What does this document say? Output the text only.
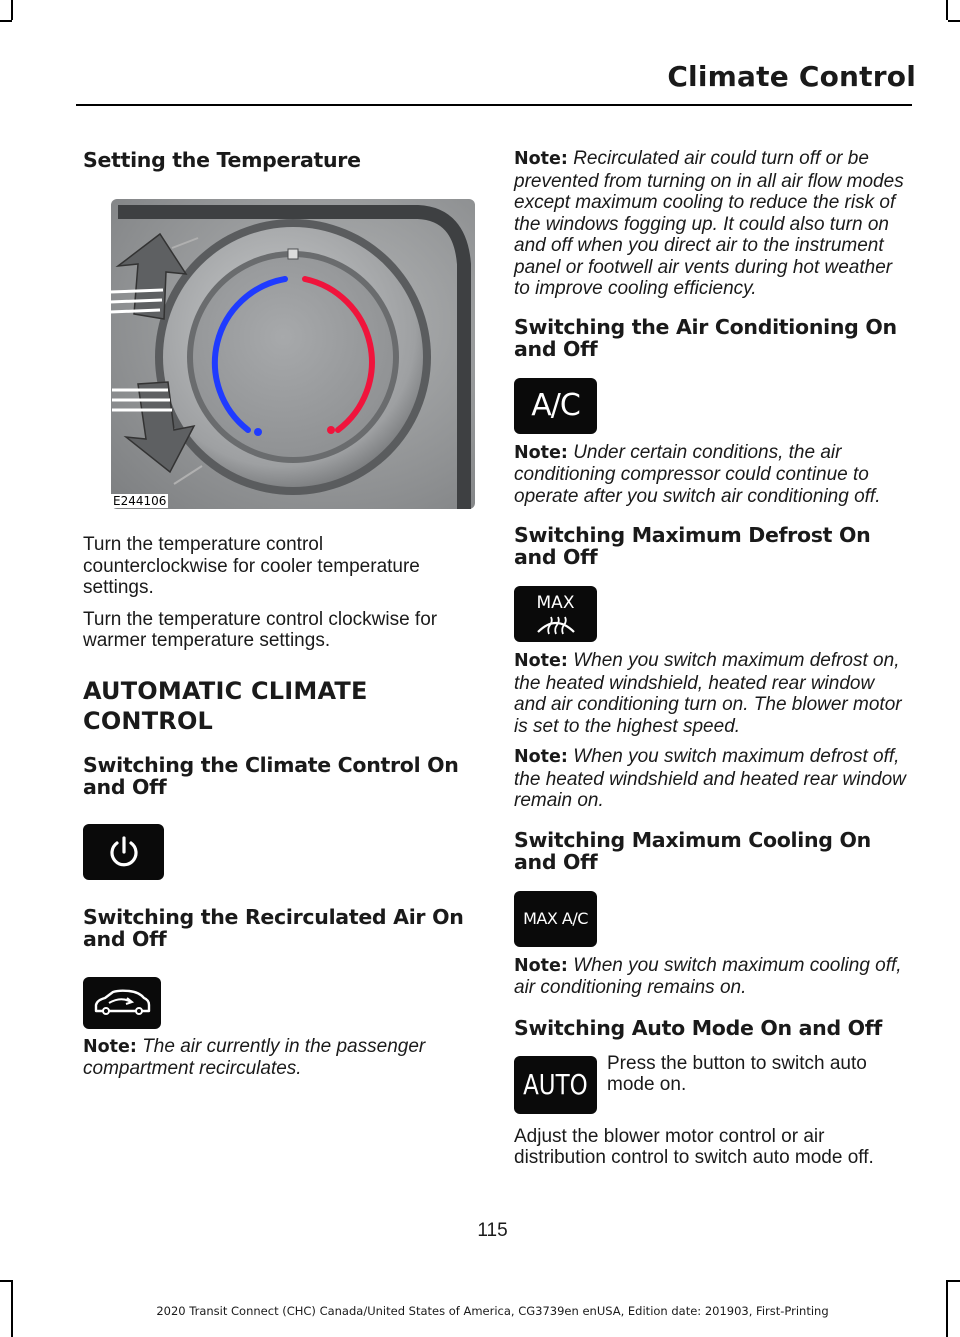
Climate Control
Setting the Temperature
E244106

Turn the temperature control counterclockwise for cooler temperature settings.

Turn the temperature control clockwise for warmer temperature settings.

AUTOMATIC CLIMATE
CONTROL
Switching the Climate Control On and Off
Switching the Recirculated Air On and Off

Note: The air currently in the passenger compartment recirculates.

Note: Recirculated air could turn off or be prevented from turning on in all air flow modes except maximum cooling to reduce the risk of the windows fogging up. It could also turn on and off when you direct air to the instrument panel or footwell air vents during hot weather to improve cooling efficiency.

Switching the Air Conditioning On and Off
A/C

Note: Under certain conditions, the air conditioning compressor could continue to operate after you switch air conditioning off.

Switching Maximum Defrost On and Off
MAX

Note: When you switch maximum defrost on, the heated windshield, heated rear window and air conditioning turn on. The blower motor is set to the highest speed.

Note: When you switch maximum defrost off, the heated windshield and heated rear window remain on.

Switching Maximum Cooling On and Off
MAX A/C

Note: When you switch maximum cooling off, air conditioning remains on.

Switching Auto Mode On and Off
AUTO

Press the button to switch auto mode on.

Adjust the blower motor control or air distribution control to switch auto mode off.

115
2020 Transit Connect (CHC) Canada/United States of America, CG3739en enUSA, Edition date: 201903, First-Printing
